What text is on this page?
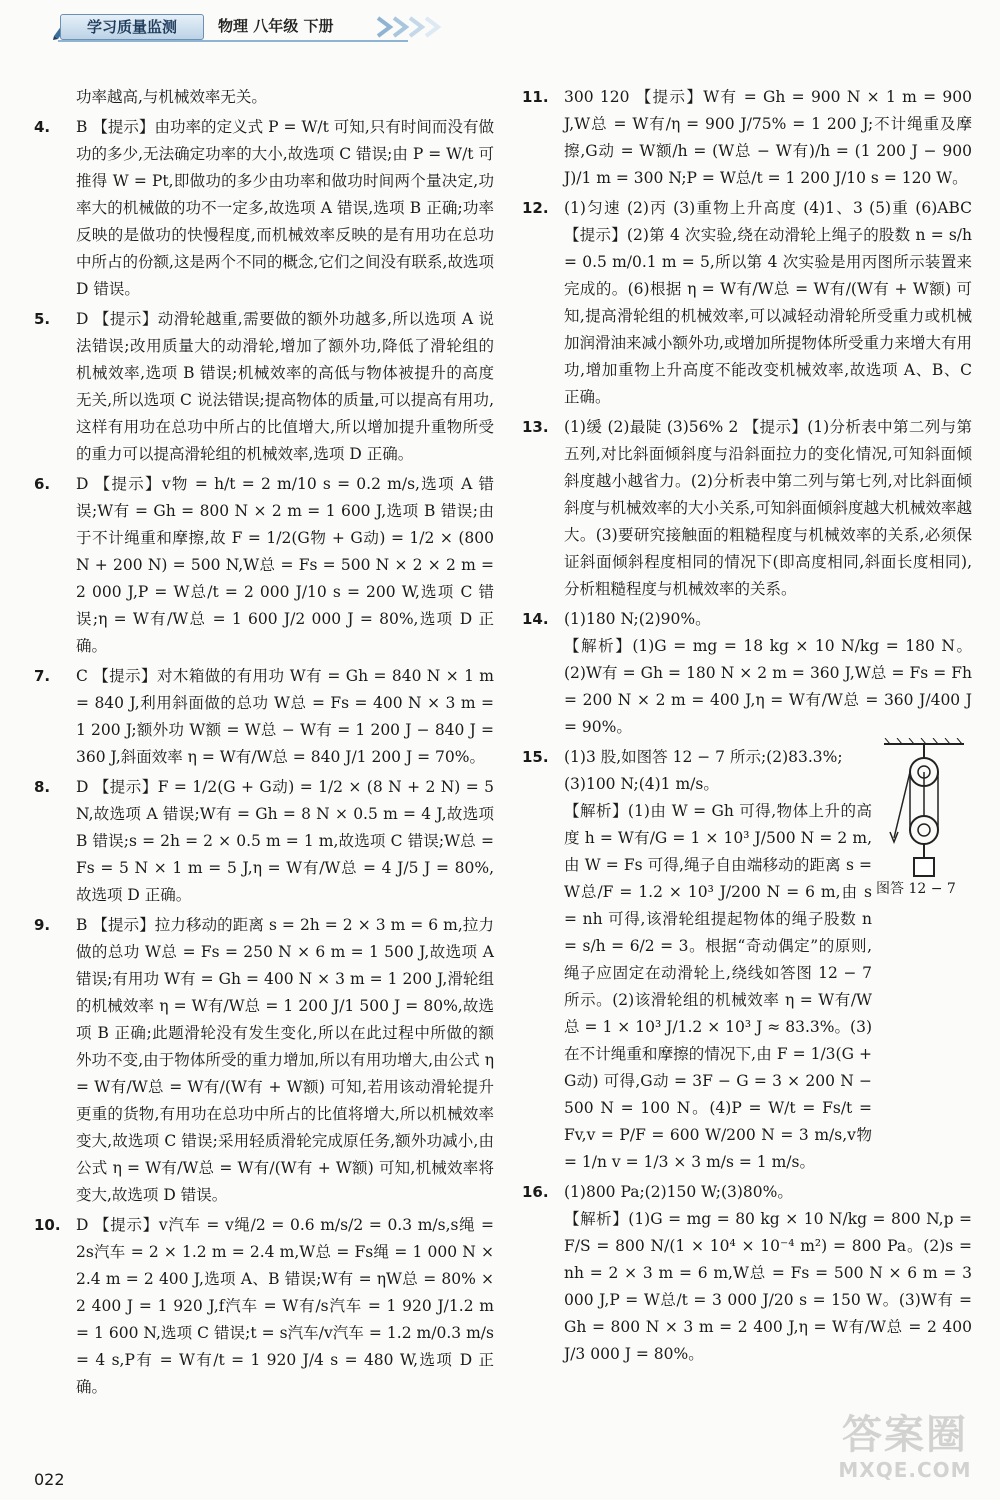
学习质量监测	物理 八年级 下册
功率越高,与机械效率无关。
4. B 【提示】由功率的定义式 P = W/t 可知,只有时间而没有做功的多少,无法确定功率的大小,故选项 C 错误;由 P = W/t 可推得 W = Pt,即做功的多少由功率和做功时间两个量决定,功率大的机械做的功不一定多,故选项 A 错误,选项 B 正确;功率反映的是做功的快慢程度,而机械效率反映的是有用功在总功中所占的份额,这是两个不同的概念,它们之间没有联系,故选项 D 错误。
5. D 【提示】动滑轮越重,需要做的额外功越多,所以选项 A 说法错误;改用质量大的动滑轮,增加了额外功,降低了滑轮组的机械效率,选项 B 错误;机械效率的高低与物体被提升的高度无关,所以选项 C 说法错误;提高物体的质量,可以提高有用功,这样有用功在总功中所占的比值增大,所以增加提升重物所受的重力可以提高滑轮组的机械效率,选项 D 正确。
6. D 【提示】v物 = h/t = 2 m/10 s = 0.2 m/s,选项 A 错误;W有 = Gh = 800 N × 2 m = 1 600 J,选项 B 错误;由于不计绳重和摩擦,故 F = 1/2(G物 + G动) = 1/2 × (800 N + 200 N) = 500 N,W总 = Fs = 500 N × 2 × 2 m = 2 000 J,P = W总/t = 2 000 J/10 s = 200 W,选项 C 错误;η = W有/W总 = 1 600 J/2 000 J = 80%,选项 D 正确。
7. C 【提示】对木箱做的有用功 W有 = Gh = 840 N × 1 m = 840 J,利用斜面做的总功 W总 = Fs = 400 N × 3 m = 1 200 J;额外功 W额 = W总 − W有 = 1 200 J − 840 J = 360 J,斜面效率 η = W有/W总 = 840 J/1 200 J = 70%。
8. D 【提示】F = 1/2(G + G动) = 1/2 × (8 N + 2 N) = 5 N,故选项 A 错误;W有 = Gh = 8 N × 0.5 m = 4 J,故选项 B 错误;s = 2h = 2 × 0.5 m = 1 m,故选项 C 错误;W总 = Fs = 5 N × 1 m = 5 J,η = W有/W总 = 4 J/5 J = 80%,故选项 D 正确。
9. B 【提示】拉力移动的距离 s = 2h = 2 × 3 m = 6 m,拉力做的总功 W总 = Fs = 250 N × 6 m = 1 500 J,故选项 A 错误;有用功 W有 = Gh = 400 N × 3 m = 1 200 J,滑轮组的机械效率 η = W有/W总 = 1 200 J/1 500 J = 80%,故选项 B 正确;此题滑轮没有发生变化,所以在此过程中所做的额外功不变,由于物体所受的重力增加,所以有用功增大,由公式 η = W有/W总 = W有/(W有 + W额) 可知,若用该动滑轮提升更重的货物,有用功在总功中所占的比值将增大,所以机械效率变大,故选项 C 错误;采用轻质滑轮完成原任务,额外功减小,由公式 η = W有/W总 = W有/(W有 + W额) 可知,机械效率将变大,故选项 D 错误。
10. D 【提示】v汽车 = v绳/2 = 0.6 m/s/2 = 0.3 m/s,s绳 = 2s汽车 = 2 × 1.2 m = 2.4 m,W总 = Fs绳 = 1 000 N × 2.4 m = 2 400 J,选项 A、B 错误;W有 = ηW总 = 80% × 2 400 J = 1 920 J,f汽车 = W有/s汽车 = 1 920 J/1.2 m = 1 600 N,选项 C 错误;t = s汽车/v汽车 = 1.2 m/0.3 m/s = 4 s,P有 = W有/t = 1 920 J/4 s = 480 W,选项 D 正确。
11. 300 120 【提示】W有 = Gh = 900 N × 1 m = 900 J,W总 = W有/η = 900 J/75% = 1 200 J;不计绳重及摩擦,G动 = W额/h = (W总 − W有)/h = (1 200 J − 900 J)/1 m = 300 N;P = W总/t = 1 200 J/10 s = 120 W。
12. (1)匀速 (2)丙 (3)重物上升高度 (4)1、3 (5)重 (6)ABC 【提示】(2)第 4 次实验,绕在动滑轮上绳子的股数 n = s/h = 0.5 m/0.1 m = 5,所以第 4 次实验是用丙图所示装置来完成的。(6)根据 η = W有/W总 = W有/(W有 + W额) 可知,提高滑轮组的机械效率,可以减轻动滑轮所受重力或机械加润滑油来减小额外功,或增加所提物体所受重力来增大有用功,增加重物上升高度不能改变机械效率,故选项 A、B、C 正确。
13. (1)缓 (2)最陡 (3)56% 2 【提示】(1)分析表中第二列与第五列,对比斜面倾斜度与沿斜面拉力的变化情况,可知斜面倾斜度越小越省力。(2)分析表中第二列与第七列,对比斜面倾斜度与机械效率的大小关系,可知斜面倾斜度越大机械效率越大。(3)要研究接触面的粗糙程度与机械效率的关系,必须保证斜面倾斜程度相同的情况下(即高度相同,斜面长度相同),分析粗糙程度与机械效率的关系。
14. (1)180 N;(2)90%。
【解析】(1)G = mg = 18 kg × 10 N/kg = 180 N。(2)W有 = Gh = 180 N × 2 m = 360 J,W总 = Fs = Fh = 200 N × 2 m = 400 J,η = W有/W总 = 360 J/400 J = 90%。
15. (1)3 股,如图答 12 − 7 所示;(2)83.3%;
(3)100 N;(4)1 m/s。
【解析】(1)由 W = Gh 可得,物体上升的高度 h = W有/G = 1 × 10³ J/500 N = 2 m,由 W = Fs 可得,绳子自由端移动的距离 s = W总/F = 1.2 × 10³ J/200 N = 6 m,由 s = nh 可得,该滑轮组提起物体的绳子股数 n = s/h = 6/2 = 3。根据“奇动偶定”的原则,绳子应固定在动滑轮上,绕线如答图 12 − 7 所示。(2)该滑轮组的机械效率 η = W有/W总 = 1 × 10³ J/1.2 × 10³ J ≈ 83.3%。(3)在不计绳重和摩擦的情况下,由 F = 1/3(G + G动) 可得,G动 = 3F − G = 3 × 200 N − 500 N = 100 N。(4)P = W/t = Fs/t = Fv,v = P/F = 600 W/200 N = 3 m/s,v物 = 1/n v = 1/3 × 3 m/s = 1 m/s。
16. (1)800 Pa;(2)150 W;(3)80%。
【解析】(1)G = mg = 80 kg × 10 N/kg = 800 N,p = F/S = 800 N/(1 × 10⁴ × 10⁻⁴ m²) = 800 Pa。(2)s = nh = 2 × 3 m = 6 m,W总 = Fs = 500 N × 6 m = 3 000 J,P = W总/t = 3 000 J/20 s = 150 W。(3)W有 = Gh = 800 N × 3 m = 2 400 J,η = W有/W总 = 2 400 J/3 000 J = 80%。
图答 12 − 7
022
答案圈
MXQE.COM
